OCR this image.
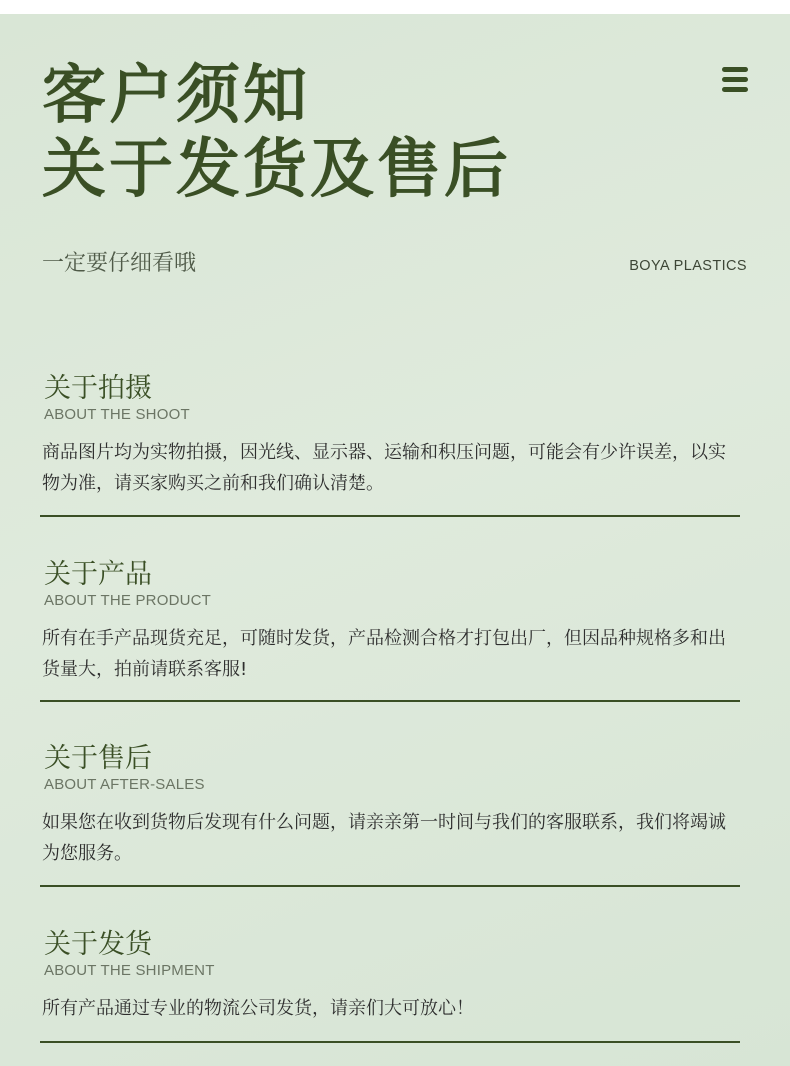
客户须知
关于发货及售后
一定要仔细看哦	BOYA PLASTICS
关于拍摄
ABOUT THE SHOOT
商品图片均为实物拍摄，因光线、显示器、运输和积压问题，可能会有少许误差，以实物为准，请买家购买之前和我们确认清楚。
关于产品
ABOUT THE PRODUCT
所有在手产品现货充足，可随时发货，产品检测合格才打包出厂，但因品种规格多和出货量大，拍前请联系客服!
关于售后
ABOUT AFTER-SALES
如果您在收到货物后发现有什么问题，请亲亲第一时间与我们的客服联系，我们将竭诚为您服务。
关于发货
ABOUT THE SHIPMENT
所有产品通过专业的物流公司发货，请亲们大可放心！
